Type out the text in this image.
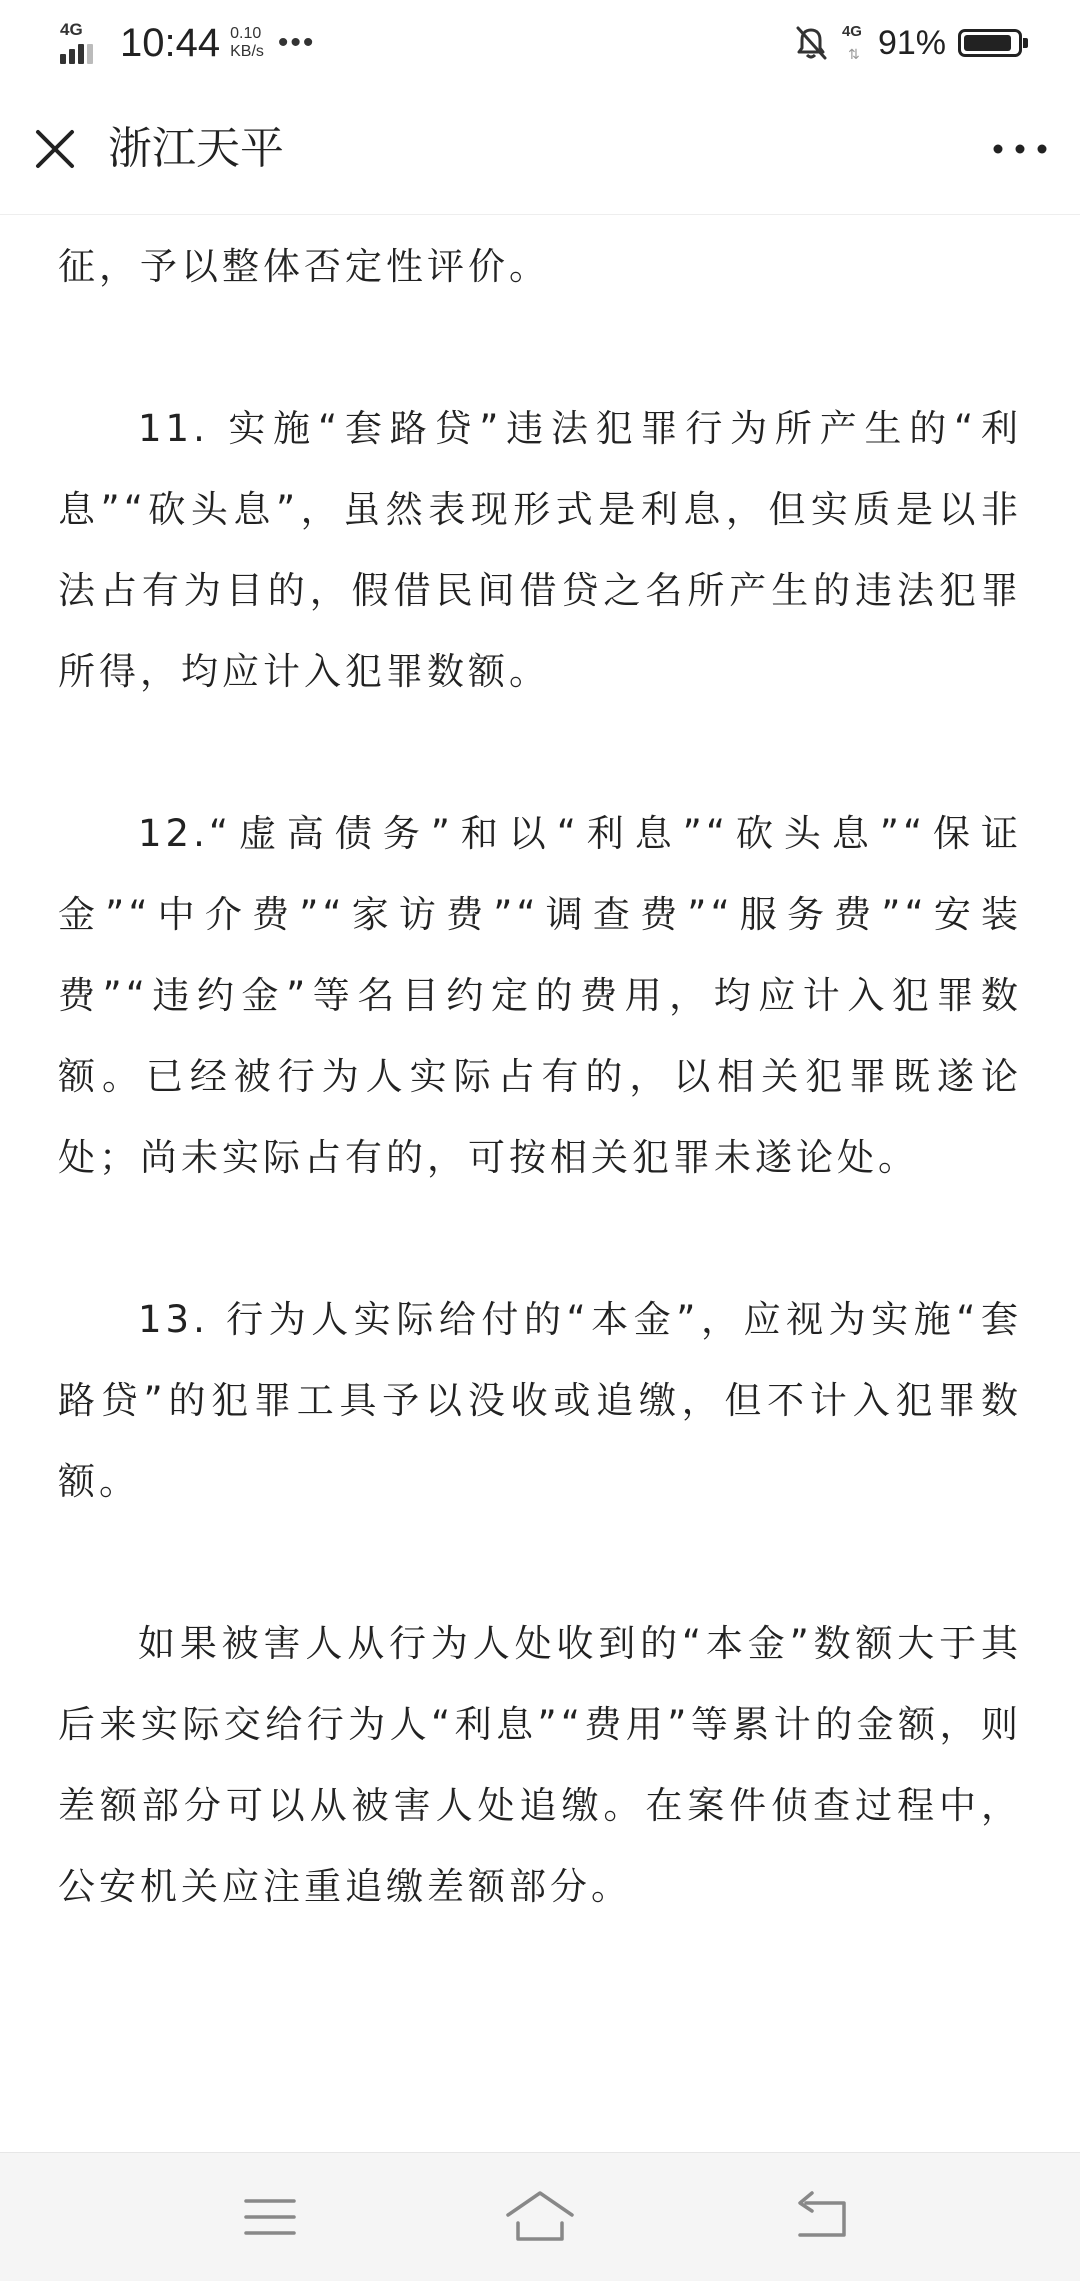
4G 10:44 0.10
KB/s •••	4G
⇅ 91%
浙江天平

征，予以整体否定性评价。

11. 实施“套路贷”违法犯罪行为所产生的“利息”“砍头息”，虽然表现形式是利息，但实质是以非法占有为目的，假借民间借贷之名所产生的违法犯罪所得，均应计入犯罪数额。

12.“虚高债务”和以“利息”“砍头息”“保证金”“中介费”“家访费”“调查费”“服务费”“安装费”“违约金”等名目约定的费用，均应计入犯罪数额。已经被行为人实际占有的，以相关犯罪既遂论处；尚未实际占有的，可按相关犯罪未遂论处。

13. 行为人实际给付的“本金”，应视为实施“套路贷”的犯罪工具予以没收或追缴，但不计入犯罪数额。

如果被害人从行为人处收到的“本金”数额大于其后来实际交给行为人“利息”“费用”等累计的金额，则差额部分可以从被害人处追缴。在案件侦查过程中，公安机关应注重追缴差额部分。
